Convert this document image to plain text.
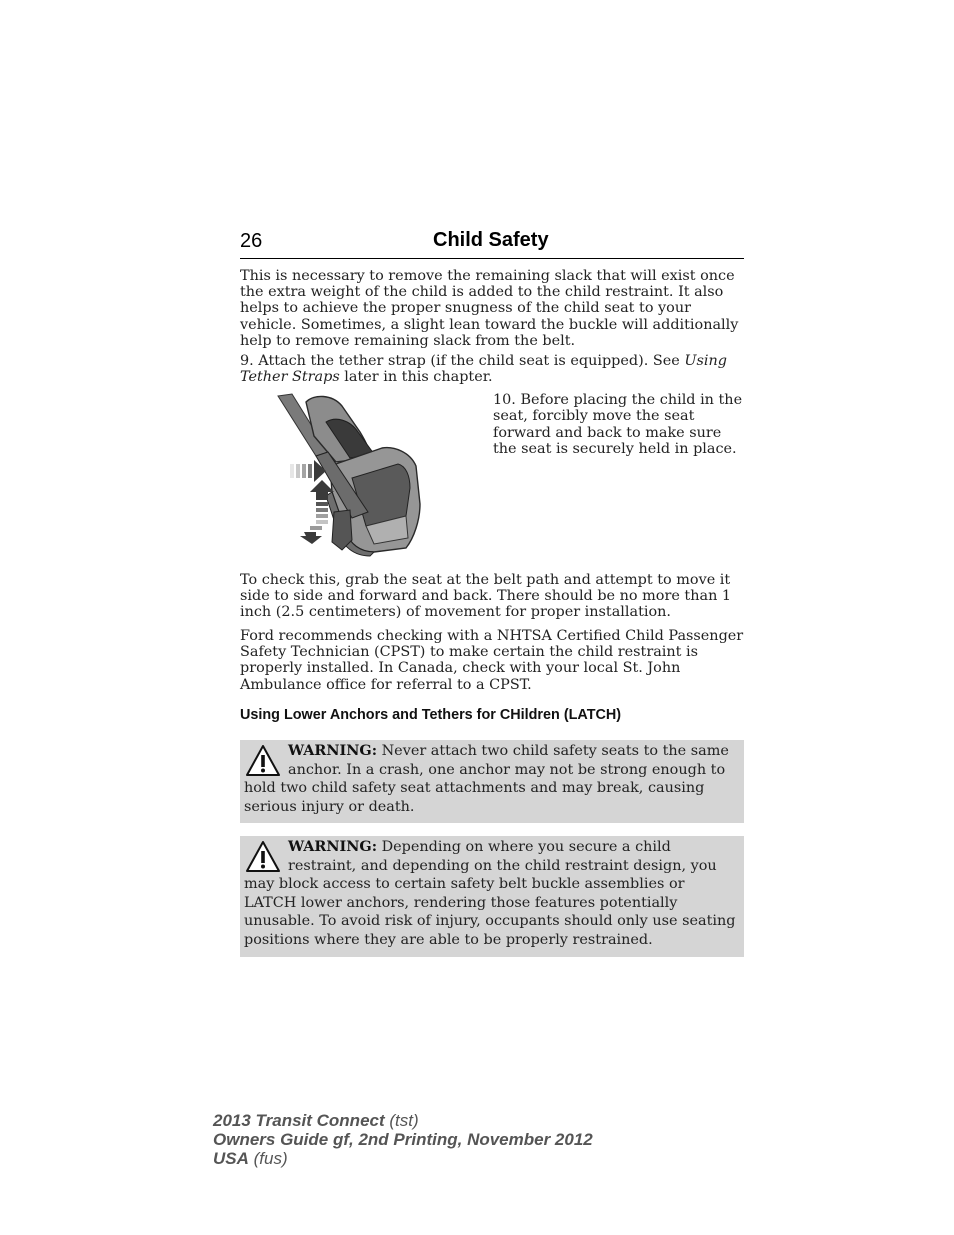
26	Child Safety

This is necessary to remove the remaining slack that will exist once the extra weight of the child is added to the child restraint. It also helps to achieve the proper snugness of the child seat to your vehicle. Sometimes, a slight lean toward the buckle will additionally help to remove remaining slack from the belt.

9. Attach the tether strap (if the child seat is equipped). See Using Tether Straps later in this chapter.

10. Before placing the child in the seat, forcibly move the seat forward and back to make sure the seat is securely held in place.

To check this, grab the seat at the belt path and attempt to move it side to side and forward and back. There should be no more than 1 inch (2.5 centimeters) of movement for proper installation.

Ford recommends checking with a NHTSA Certified Child Passenger Safety Technician (CPST) to make certain the child restraint is properly installed. In Canada, check with your local St. John Ambulance office for referral to a CPST.

Using Lower Anchors and Tethers for CHildren (LATCH)
WARNING: Never attach two child safety seats to the same anchor. In a crash, one anchor may not be strong enough to hold two child safety seat attachments and may break, causing serious injury or death.
WARNING: Depending on where you secure a child restraint, and depending on the child restraint design, you may block access to certain safety belt buckle assemblies or LATCH lower anchors, rendering those features potentially unusable. To avoid risk of injury, occupants should only use seating positions where they are able to be properly restrained.
2013 Transit Connect (tst)
Owners Guide gf, 2nd Printing, November 2012
USA (fus)
